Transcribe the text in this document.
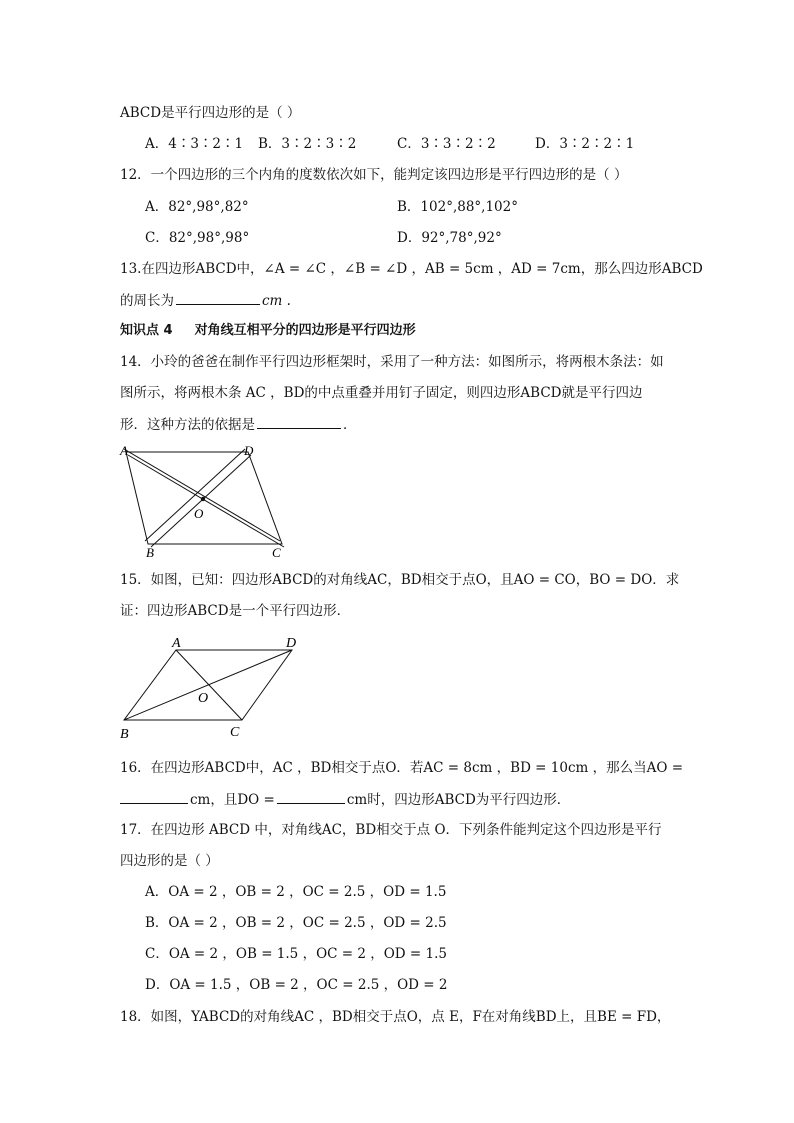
ABCD是平行四边形的是（ ）
A．4∶3∶2∶1 B．3∶2∶3∶2	C．3∶3∶2∶2	D．3∶2∶2∶1
12．一个四边形的三个内角的度数依次如下，能判定该四边形是平行四边形的是（ ）
A．82°,98°,82°	B．102°,88°,102°
C．82°,98°,98°	D．92°,78°,92°
13.在四边形ABCD中，∠A = ∠C ，∠B = ∠D ，AB = 5cm ，AD = 7cm，那么四边形ABCD
的周长为	cm .
知识点 4 对角线互相平分的四边形是平行四边形
14．小玲的爸爸在制作平行四边形框架时，采用了一种方法：如图所示，将两根木条法：如
图所示，将两根木条 AC ，BD的中点重叠并用钉子固定，则四边形ABCD就是平行四边
形．这种方法的依据是	．
A	D
O
B	C
15．如图，已知：四边形ABCD的对角线AC，BD相交于点O，且AO = CO，BO = DO．求
证：四边形ABCD是一个平行四边形．
A	D
O
B	C
16．在四边形ABCD中，AC ，BD相交于点O．若AC = 8cm ，BD = 10cm ，那么当AO =
cm，且DO =	cm时，四边形ABCD为平行四边形．
17．在四边形 ABCD 中，对角线AC，BD相交于点 O．下列条件能判定这个四边形是平行
四边形的是（ ）
A．OA = 2 ，OB = 2 ，OC = 2.5 ，OD = 1.5
B．OA = 2 ，OB = 2 ，OC = 2.5 ，OD = 2.5
C．OA = 2 ，OB = 1.5 ，OC = 2 ，OD = 1.5
D．OA = 1.5 ，OB = 2 ，OC = 2.5 ，OD = 2
18．如图，YABCD的对角线AC ，BD相交于点O，点 E，F在对角线BD上，且BE = FD，
